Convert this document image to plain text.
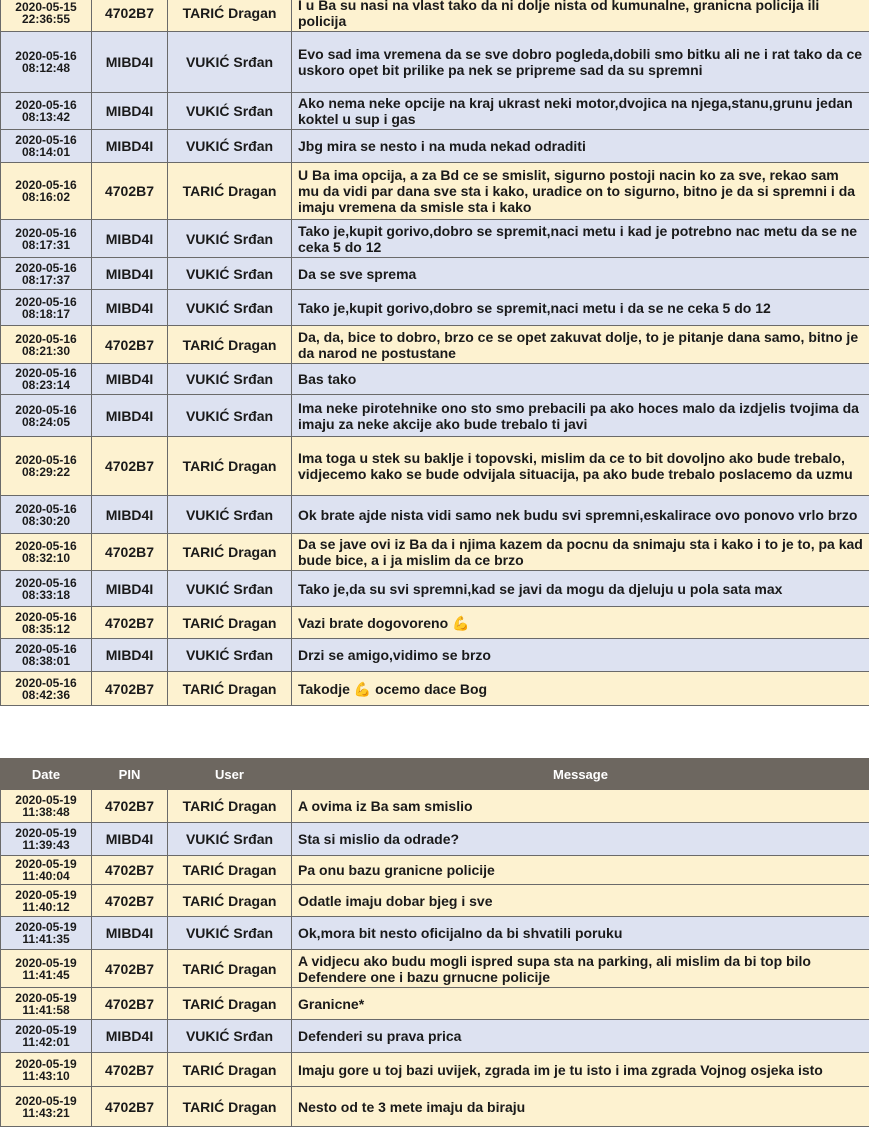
2020-05-15
22:36:55	4702B7	TARIĆ Dragan	I u Ba su nasi na vlast tako da ni dolje nista od kumunalne, granicna policija ili policija

2020-05-16
08:12:48	MIBD4I	VUKIĆ Srđan	Evo sad ima vremena da se sve dobro pogleda,dobili smo bitku ali ne i rat tako da ce uskoro opet bit prilike pa nek se pripreme sad da su spremni

2020-05-16
08:13:42	MIBD4I	VUKIĆ Srđan	Ako nema neke opcije na kraj ukrast neki motor,dvojica na njega,stanu,grunu jedan koktel u sup i gas

2020-05-16
08:14:01	MIBD4I	VUKIĆ Srđan	Jbg mira se nesto i na muda nekad odraditi

2020-05-16
08:16:02	4702B7	TARIĆ Dragan	U Ba ima opcija, a za Bd ce se smislit, sigurno postoji nacin ko za sve, rekao sam mu da vidi par dana sve sta i kako, uradice on to sigurno, bitno je da si spremni i da imaju vremena da smisle sta i kako

2020-05-16
08:17:31	MIBD4I	VUKIĆ Srđan	Tako je,kupit gorivo,dobro se spremit,naci metu i kad je potrebno nac metu da se ne ceka 5 do 12

2020-05-16
08:17:37	MIBD4I	VUKIĆ Srđan	Da se sve sprema

2020-05-16
08:18:17	MIBD4I	VUKIĆ Srđan	Tako je,kupit gorivo,dobro se spremit,naci metu i da se ne ceka 5 do 12

2020-05-16
08:21:30	4702B7	TARIĆ Dragan	Da, da, bice to dobro, brzo ce se opet zakuvat dolje, to je pitanje dana samo, bitno je da narod ne postustane

2020-05-16
08:23:14	MIBD4I	VUKIĆ Srđan	Bas tako

2020-05-16
08:24:05	MIBD4I	VUKIĆ Srđan	Ima neke pirotehnike ono sto smo prebacili pa ako hoces malo da izdjelis tvojima da imaju za neke akcije ako bude trebalo ti javi

2020-05-16
08:29:22	4702B7	TARIĆ Dragan	Ima toga u stek su baklje i topovski, mislim da ce to bit dovoljno ako bude trebalo, vidjecemo kako se bude odvijala situacija, pa ako bude trebalo poslacemo da uzmu

2020-05-16
08:30:20	MIBD4I	VUKIĆ Srđan	Ok brate ajde nista vidi samo nek budu svi spremni,eskalirace ovo ponovo vrlo brzo

2020-05-16
08:32:10	4702B7	TARIĆ Dragan	Da se jave ovi iz Ba da i njima kazem da pocnu da snimaju sta i kako i to je to, pa kad bude bice, a i ja mislim da ce brzo

2020-05-16
08:33:18	MIBD4I	VUKIĆ Srđan	Tako je,da su svi spremni,kad se javi da mogu da djeluju u pola sata max

2020-05-16
08:35:12	4702B7	TARIĆ Dragan	Vazi brate dogovoreno 💪

2020-05-16
08:38:01	MIBD4I	VUKIĆ Srđan	Drzi se amigo,vidimo se brzo

2020-05-16
08:42:36	4702B7	TARIĆ Dragan	Takodje 💪 ocemo dace Bog
Date	PIN	User	Message

2020-05-19
11:38:48	4702B7	TARIĆ Dragan	A ovima iz Ba sam smislio

2020-05-19
11:39:43	MIBD4I	VUKIĆ Srđan	Sta si mislio da odrade?

2020-05-19
11:40:04	4702B7	TARIĆ Dragan	Pa onu bazu granicne policije

2020-05-19
11:40:12	4702B7	TARIĆ Dragan	Odatle imaju dobar bjeg i sve

2020-05-19
11:41:35	MIBD4I	VUKIĆ Srđan	Ok,mora bit nesto oficijalno da bi shvatili poruku

2020-05-19
11:41:45	4702B7	TARIĆ Dragan	A vidjecu ako budu mogli ispred supa sta na parking, ali mislim da bi top bilo Defendere one i bazu grnucne policije

2020-05-19
11:41:58	4702B7	TARIĆ Dragan	Granicne*

2020-05-19
11:42:01	MIBD4I	VUKIĆ Srđan	Defenderi su prava prica

2020-05-19
11:43:10	4702B7	TARIĆ Dragan	Imaju gore u toj bazi uvijek, zgrada im je tu isto i ima zgrada Vojnog osjeka isto

2020-05-19
11:43:21	4702B7	TARIĆ Dragan	Nesto od te 3 mete imaju da biraju
